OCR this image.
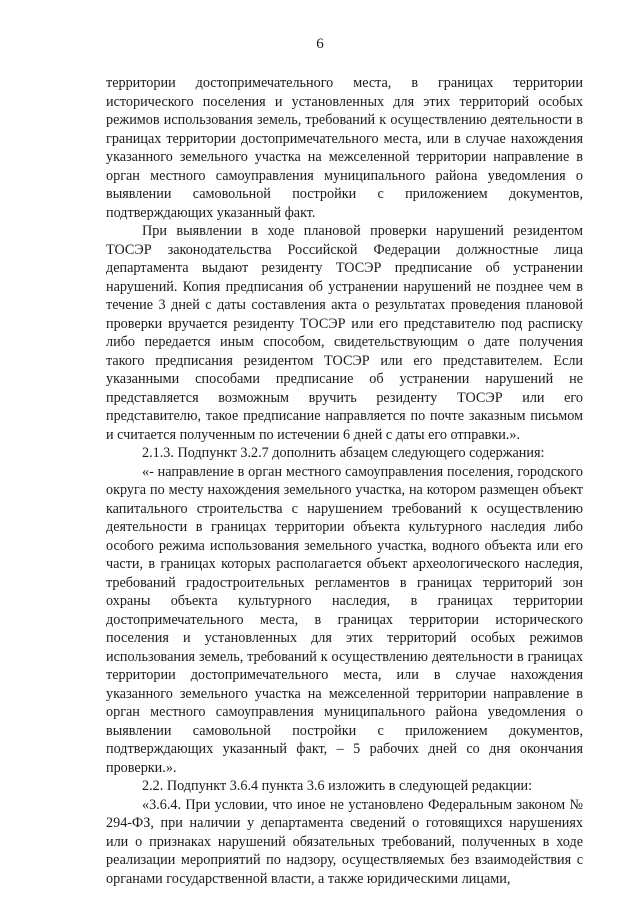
6

территории достопримечательного места, в границах территории исторического поселения и установленных для этих территорий особых режимов использования земель, требований к осуществлению деятельности в границах территории достопримечательного места, или в случае нахождения указанного земельного участка на межселенной территории направление в орган местного самоуправления муниципального района уведомления о выявлении самовольной постройки с приложением документов, подтверждающих указанный факт.

При выявлении в ходе плановой проверки нарушений резидентом ТОСЭР законодательства Российской Федерации должностные лица департамента выдают резиденту ТОСЭР предписание об устранении нарушений. Копия предписания об устранении нарушений не позднее чем в течение 3 дней с даты составления акта о результатах проведения плановой проверки вручается резиденту ТОСЭР или его представителю под расписку либо передается иным способом, свидетельствующим о дате получения такого предписания резидентом ТОСЭР или его представителем. Если указанными способами предписание об устранении нарушений не представляется возможным вручить резиденту ТОСЭР или его представителю, такое предписание направляется по почте заказным письмом и считается полученным по истечении 6 дней с даты его отправки.».

2.1.3. Подпункт 3.2.7 дополнить абзацем следующего содержания:

«- направление в орган местного самоуправления поселения, городского округа по месту нахождения земельного участка, на котором размещен объект капитального строительства с нарушением требований к осуществлению деятельности в границах территории объекта культурного наследия либо особого режима использования земельного участка, водного объекта или его части, в границах которых располагается объект археологического наследия, требований градостроительных регламентов в границах территорий зон охраны объекта культурного наследия, в границах территории достопримечательного места, в границах территории исторического поселения и установленных для этих территорий особых режимов использования земель, требований к осуществлению деятельности в границах территории достопримечательного места, или в случае нахождения указанного земельного участка на межселенной территории направление в орган местного самоуправления муниципального района уведомления о выявлении самовольной постройки с приложением документов, подтверждающих указанный факт, – 5 рабочих дней со дня окончания проверки.».

2.2. Подпункт 3.6.4 пункта 3.6 изложить в следующей редакции:

«3.6.4. При условии, что иное не установлено Федеральным законом № 294-ФЗ, при наличии у департамента сведений о готовящихся нарушениях или о признаках нарушений обязательных требований, полученных в ходе реализации мероприятий по надзору, осуществляемых без взаимодействия с органами государственной власти, а также юридическими лицами,
